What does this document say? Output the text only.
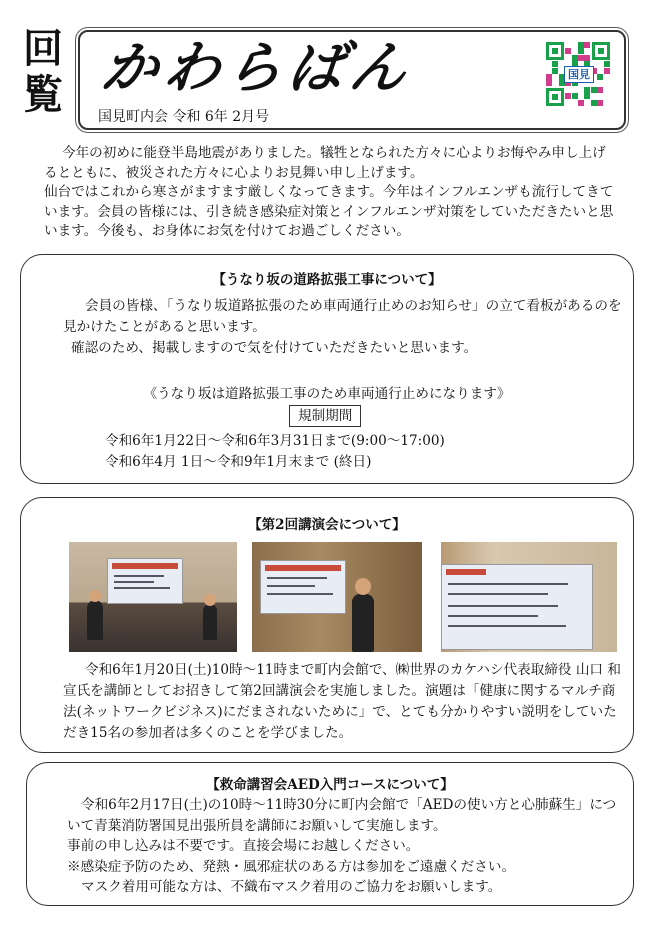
回
覧 かわらばん
国見町内会 令和 6年 2月号
国見

今年の初めに能登半島地震がありました。犠牲となられた方々に心よりお悔やみ申し上げるとともに、被災された方々に心よりお見舞い申し上げます。

仙台ではこれから寒さがますます厳しくなってきます。今年はインフルエンザも流行してきています。会員の皆様には、引き続き感染症対策とインフルエンザ対策をしていただきたいと思います。今後も、お身体にお気を付けてお過ごしください。

【うなり坂の道路拡張工事について】

会員の皆様、「うなり坂道路拡張のため車両通行止めのお知らせ」の立て看板があるのを見かけたことがあると思います。

確認のため、掲載しますので気を付けていただきたいと思います。

《うなり坂は道路拡張工事のため車両通行止めになります》
規制期間

令和6年1月22日～令和6年3月31日まで(9:00～17:00)

令和6年4月 1日～令和9年1月末まで (終日)

【第2回講演会について】

令和6年1月20日(土)10時～11時まで町内会館で、㈱世界のカケハシ代表取締役 山口 和宣氏を講師としてお招きして第2回講演会を実施しました。演題は「健康に関するマルチ商法(ネットワークビジネス)にだまされないために」で、とても分かりやすい説明をしていただき15名の参加者は多くのことを学びました。

【救命講習会AED入門コースについて】

令和6年2月17日(土)の10時～11時30分に町内会館で「AEDの使い方と心肺蘇生」について青葉消防署国見出張所員を講師にお願いして実施します。

事前の申し込みは不要です。直接会場にお越しください。

※感染症予防のため、発熱・風邪症状のある方は参加をご遠慮ください。

マスク着用可能な方は、不織布マスク着用のご協力をお願いします。
